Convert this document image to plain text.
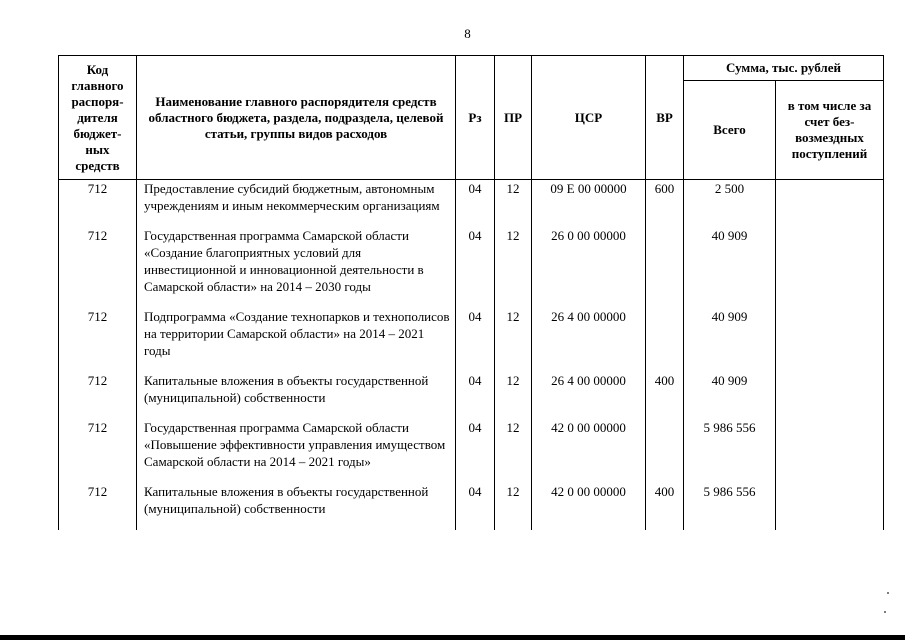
8
Код главного распоря- дителя бюджет- ных средств	Наименование главного распорядителя средств областного бюджета, раздела, подраздела, целевой статьи, группы видов расходов	Рз	ПР	ЦСР	ВР	Сумма, тыс. рублей	
						Всего	в том числе за счет без- возмездных поступлений
712	Предоставление субсидий бюджетным, автономным учреждениям и иным некоммерческим организациям	04	12	09 Е 00 00000	600	2 500	
712	Государственная программа Самарской области «Создание благоприятных условий для инвестиционной и инновационной деятельности в Самарской области» на 2014 – 2030 годы	04	12	26 0 00 00000		40 909	
712	Подпрограмма «Создание технопарков и технополисов на территории Самарской области» на 2014 – 2021 годы	04	12	26 4 00 00000		40 909	
712	Капитальные вложения в объекты государственной (муниципальной) собственности	04	12	26 4 00 00000	400	40 909	
712	Государственная программа Самарской области «Повышение эффективности управления имуществом Самарской области на 2014 – 2021 годы»	04	12	42 0 00 00000		5 986 556	
712	Капитальные вложения в объекты государственной (муниципальной) собственности	04	12	42 0 00 00000	400	5 986 556	
